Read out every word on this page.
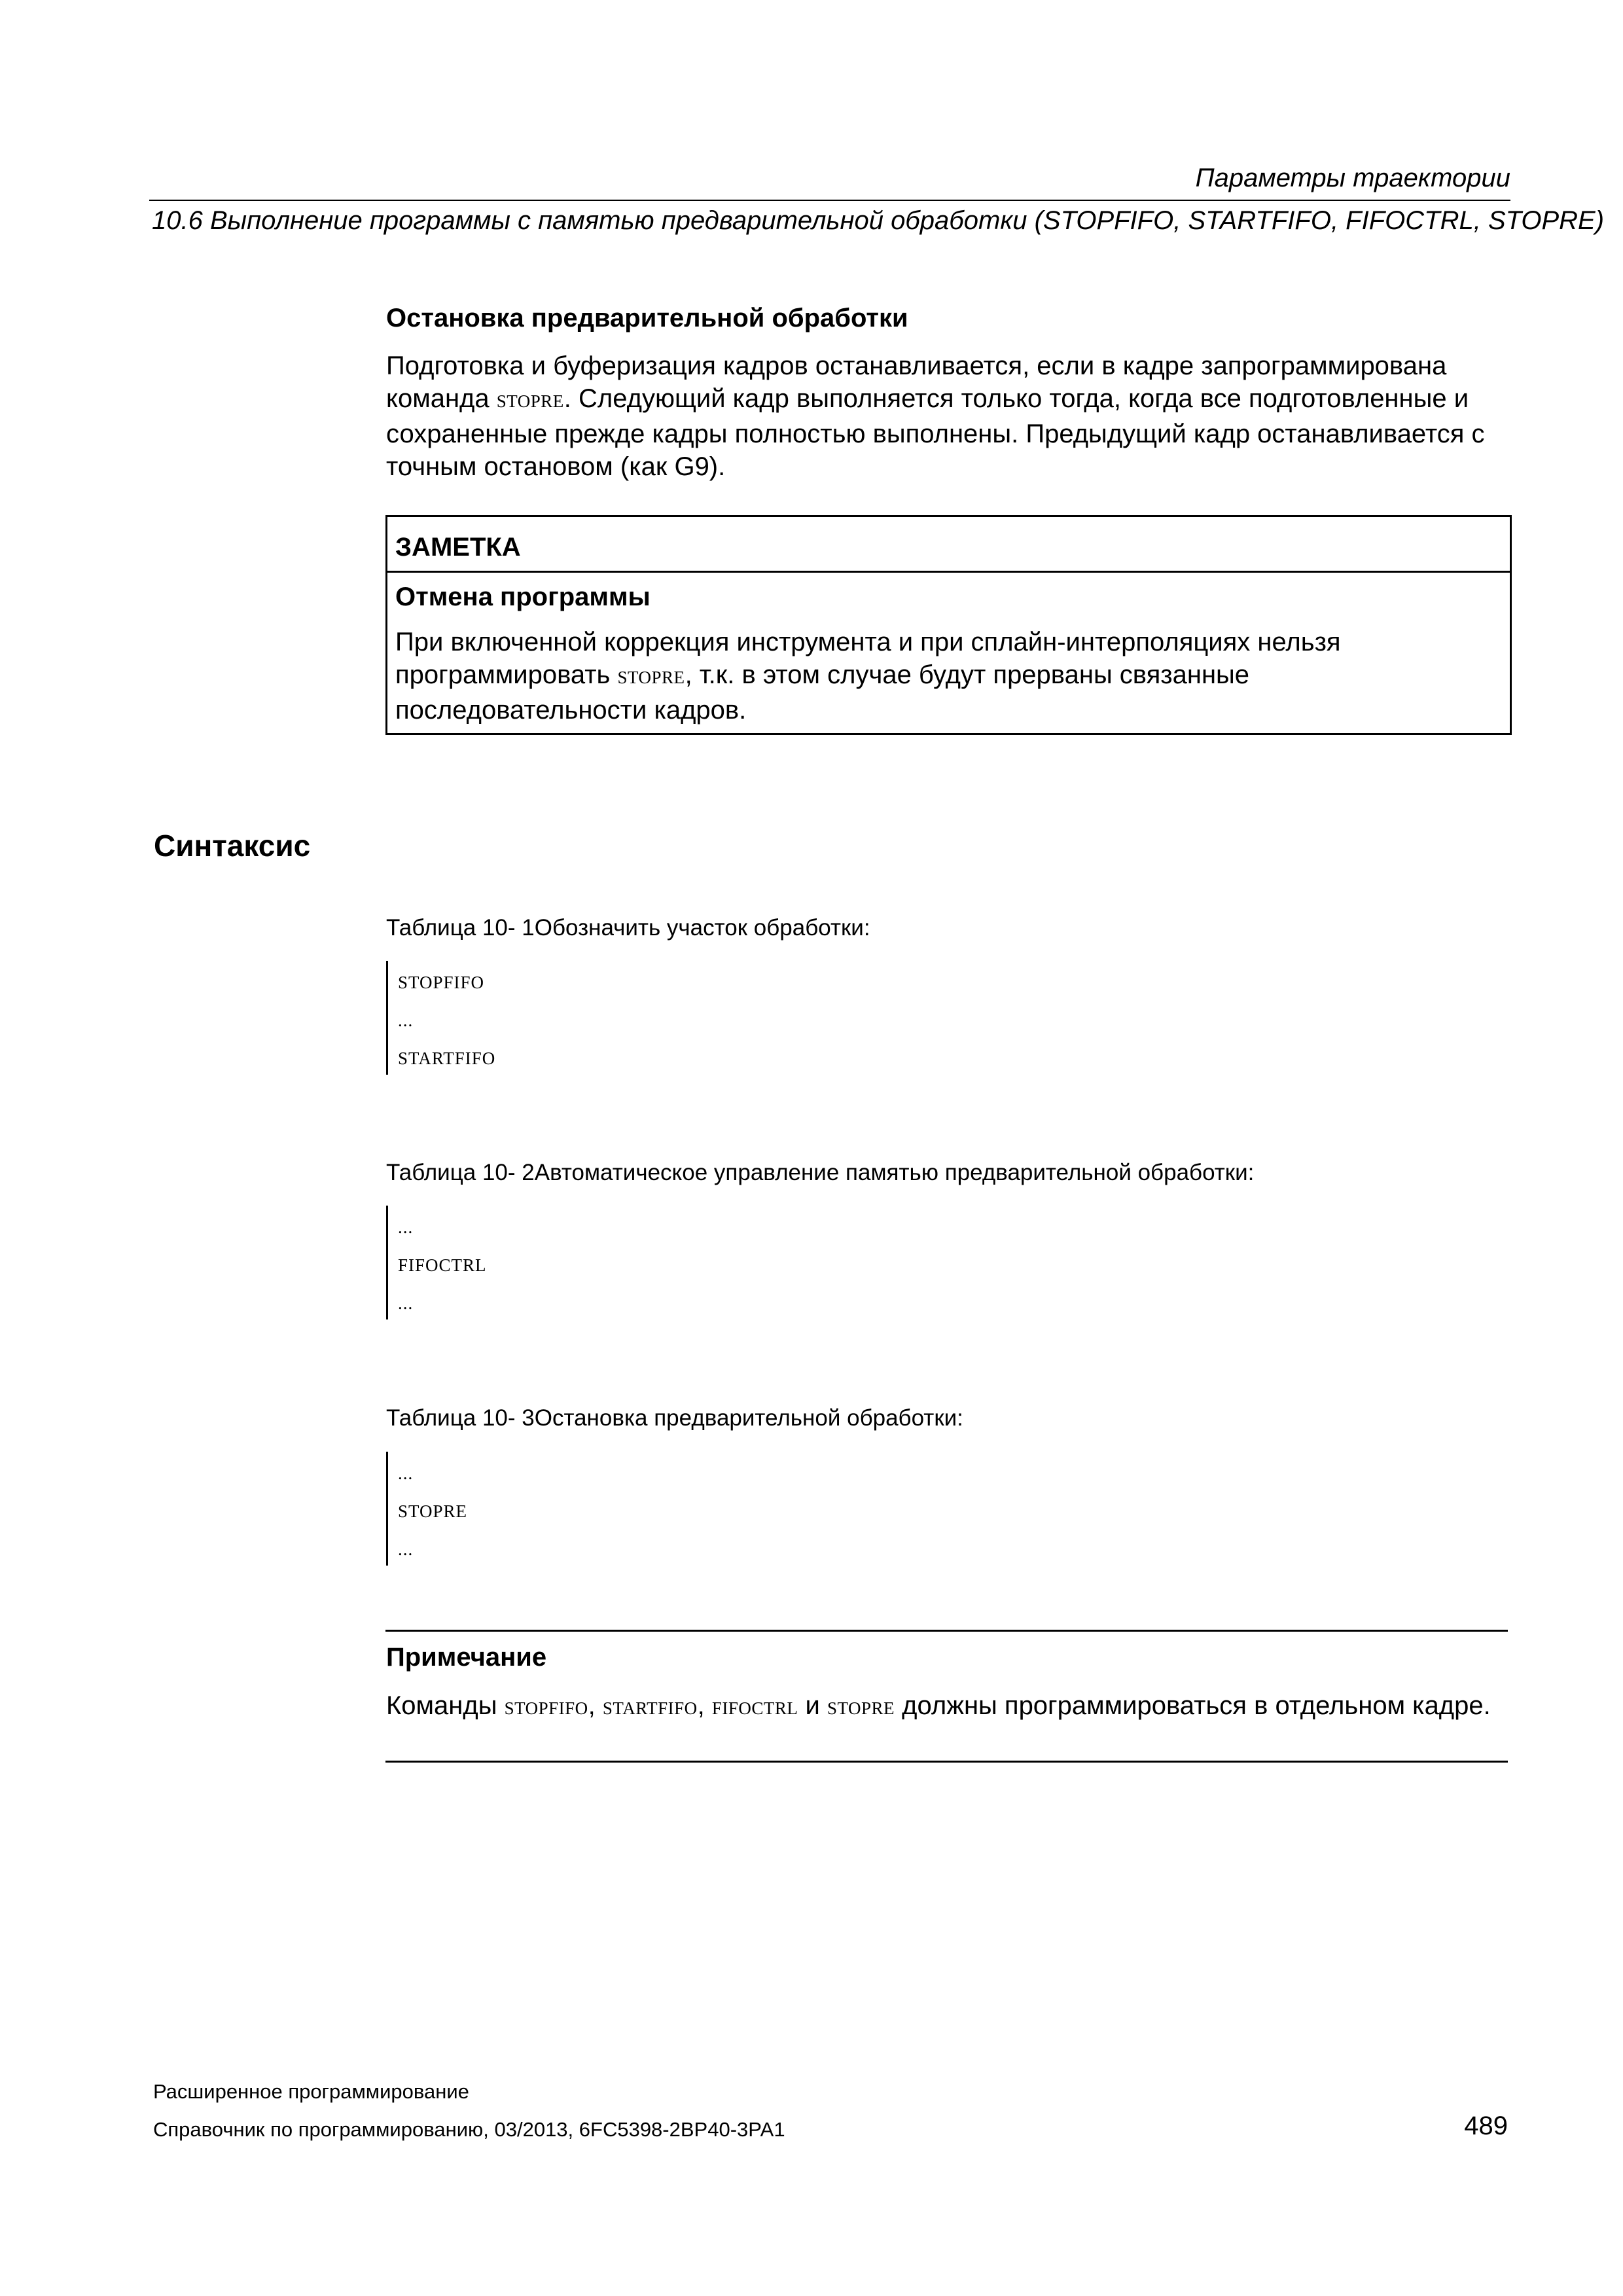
Параметры траектории
10.6 Выполнение программы с памятью предварительной обработки (STOPFIFO, STARTFIFO, FIFOCTRL, STOPRE)
Остановка предварительной обработки
Подготовка и буферизация кадров останавливается, если в кадре запрограммирована команда STOPRE. Следующий кадр выполняется только тогда, когда все подготовленные и сохраненные прежде кадры полностью выполнены. Предыдущий кадр останавливается с точным остановом (как G9).
ЗАМЕТКА
Отмена программы
При включенной коррекция инструмента и при сплайн-интерполяциях нельзя программировать STOPRE, т.к. в этом случае будут прерваны связанные последовательности кадров.
Синтаксис
Таблица 10- 1Обозначить участок обработки:
STOPFIFO
...
STARTFIFO
Таблица 10- 2Автоматическое управление памятью предварительной обработки:
...
FIFOCTRL
...
Таблица 10- 3Остановка предварительной обработки:
...
STOPRE
...
Примечание
Команды STOPFIFO, STARTFIFO, FIFOCTRL и STOPRE должны программироваться в отдельном кадре.
Расширенное программирование
Справочник по программированию, 03/2013, 6FC5398-2BP40-3PA1	489
